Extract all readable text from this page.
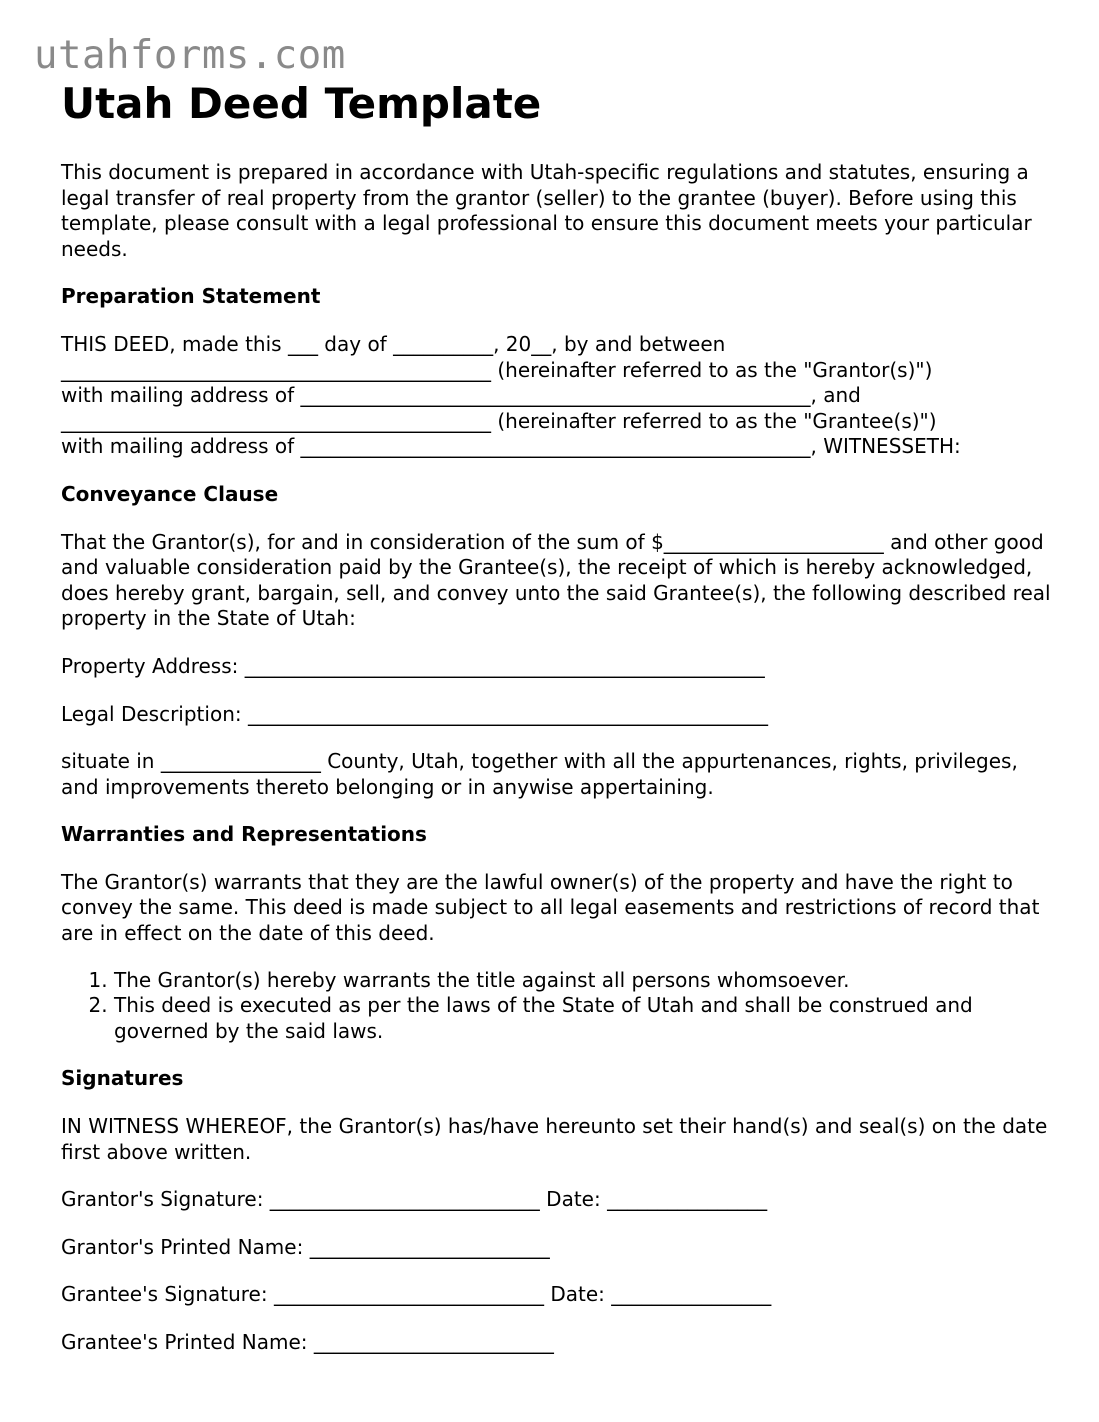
utahforms.com
Utah Deed Template

This document is prepared in accordance with Utah-specific regulations and statutes, ensuring a legal transfer of real property from the grantor (seller) to the grantee (buyer). Before using this template, please consult with a legal professional to ensure this document meets your particular needs.

Preparation Statement

THIS DEED, made this ___ day of __________, 20__, by and between
___________________________________________ (hereinafter referred to as the "Grantor(s)")
with mailing address of ___________________________________________________, and
___________________________________________ (hereinafter referred to as the "Grantee(s)")
with mailing address of ___________________________________________________, WITNESSETH:

Conveyance Clause

That the Grantor(s), for and in consideration of the sum of $______________________ and other good and valuable consideration paid by the Grantee(s), the receipt of which is hereby acknowledged, does hereby grant, bargain, sell, and convey unto the said Grantee(s), the following described real property in the State of Utah:

Property Address: ____________________________________________________

Legal Description: ____________________________________________________

situate in ________________ County, Utah, together with all the appurtenances, rights, privileges, and improvements thereto belonging or in anywise appertaining.

Warranties and Representations

The Grantor(s) warrants that they are the lawful owner(s) of the property and have the right to convey the same. This deed is made subject to all legal easements and restrictions of record that are in effect on the date of this deed.

1. The Grantor(s) hereby warrants the title against all persons whomsoever.
2. This deed is executed as per the laws of the State of Utah and shall be construed and governed by the said laws.
Signatures

IN WITNESS WHEREOF, the Grantor(s) has/have hereunto set their hand(s) and seal(s) on the date first above written.

Grantor's Signature: ___________________________ Date: ________________

Grantor's Printed Name: ________________________

Grantee's Signature: ___________________________ Date: ________________

Grantee's Printed Name: ________________________
